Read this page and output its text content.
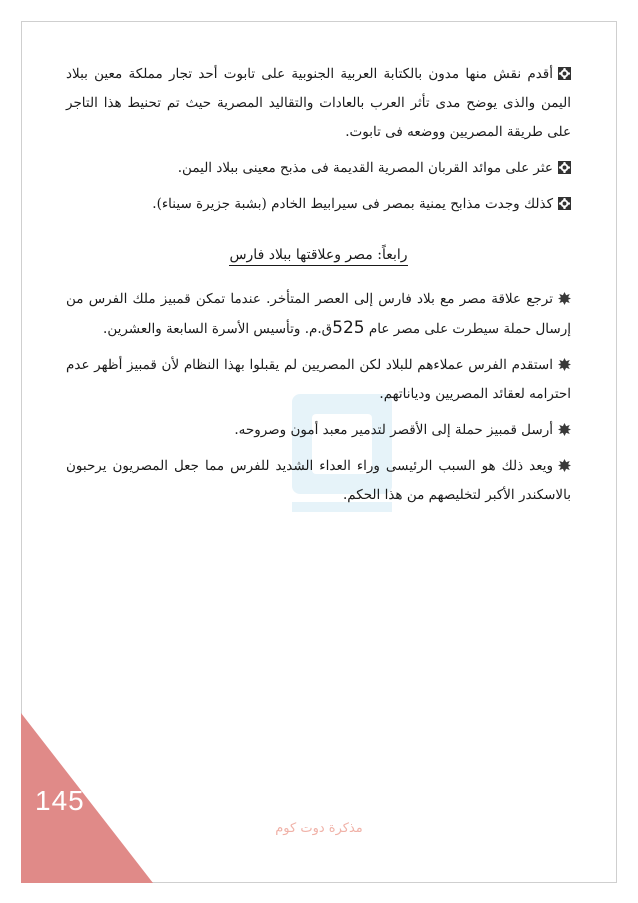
أقدم نقش منها مدون بالكتابة العربية الجنوبية على تابوت أحد تجار مملكة معين ببلاد اليمن والذى يوضح مدى تأثر العرب بالعادات والتقاليد المصرية حيث تم تحنيط هذا التاجر على طريقة المصريين ووضعه فى تابوت.

عثر على موائد القربان المصرية القديمة فى مذبح معينى ببلاد اليمن.

كذلك وجدت مذابح يمنية بمصر فى سيرابيط الخادم (بشبة جزيرة سيناء).

رابعاً: مصر وعلاقتها ببلاد فارس

ترجع علاقة مصر مع بلاد فارس إلى العصر المتأخر. عندما تمكن قمبيز ملك الفرس من إرسال حملة سيطرت على مصر عام 525ق.م. وتأسيس الأسرة السابعة والعشرين.

استقدم الفرس عملاءهم للبلاد لكن المصريين لم يقبلوا بهذا النظام لأن قمبيز أظهر عدم احترامه لعقائد المصريين ودياناتهم.

أرسل قمبيز حملة إلى الأقصر لتدمير معبد أمون وصروحه.

ويعد ذلك هو السبب الرئيسى وراء العداء الشديد للفرس مما جعل المصريون يرحبون بالاسكندر الأكبر لتخليصهم من هذا الحكم.

145
مذكرة دوت كوم
